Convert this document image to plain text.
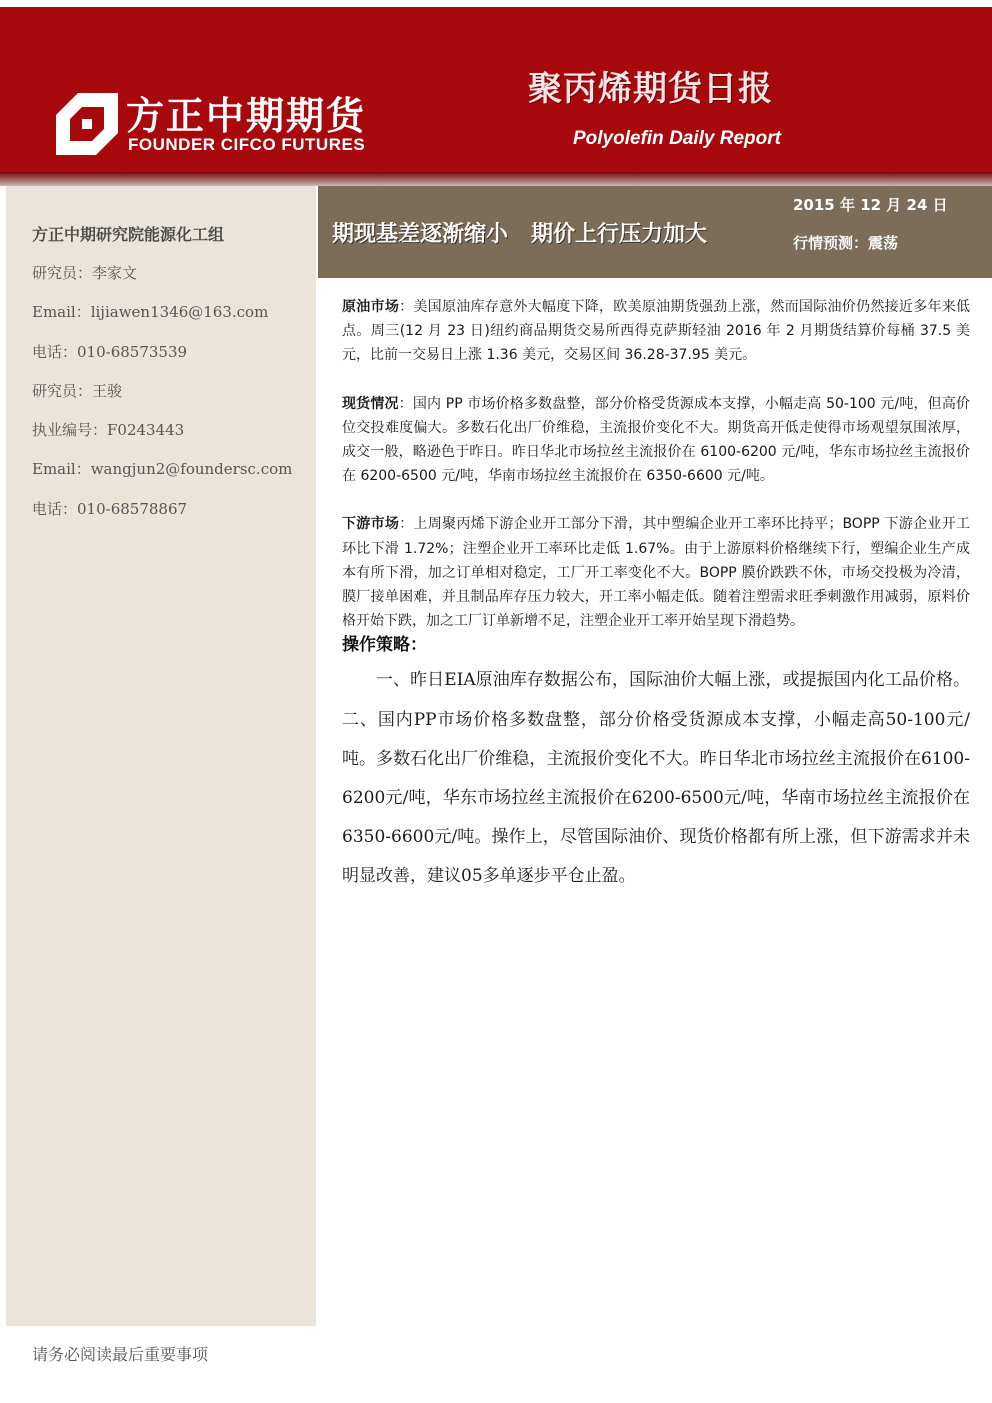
方正中期期货
FOUNDER CIFCO FUTURES
聚丙烯期货日报
Polyolefin Daily Report
方正中期研究院能源化工组
研究员：李家文
Email：lijiawen1346@163.com
电话：010-68573539
研究员：王骏
执业编号：F0243443
Email：wangjun2@foundersc.com
电话：010-68578867
期现基差逐渐缩小   期价上行压力加大
2015 年 12 月 24 日
行情预测：震荡

原油市场：美国原油库存意外大幅度下降，欧美原油期货强劲上涨，然而国际油价仍然接近多年来低点。周三(12 月 23 日)纽约商品期货交易所西得克萨斯轻油 2016 年 2 月期货结算价每桶 37.5 美元，比前一交易日上涨 1.36 美元，交易区间 36.28-37.95 美元。

现货情况：国内 PP 市场价格多数盘整，部分价格受货源成本支撑，小幅走高 50-100 元/吨，但高价位交投难度偏大。多数石化出厂价维稳，主流报价变化不大。期货高开低走使得市场观望氛围浓厚，成交一般，略逊色于昨日。昨日华北市场拉丝主流报价在 6100-6200 元/吨，华东市场拉丝主流报价在 6200-6500 元/吨，华南市场拉丝主流报价在 6350-6600 元/吨。

下游市场：上周聚丙烯下游企业开工部分下滑，其中塑编企业开工率环比持平；BOPP 下游企业开工环比下滑 1.72%；注塑企业开工率环比走低 1.67%。由于上游原料价格继续下行，塑编企业生产成本有所下滑，加之订单相对稳定，工厂开工率变化不大。BOPP 膜价跌跌不休，市场交投极为冷清，膜厂接单困难，并且制品库存压力较大，开工率小幅走低。随着注塑需求旺季刺激作用减弱，原料价格开始下跌，加之工厂订单新增不足，注塑企业开工率开始呈现下滑趋势。

操作策略：

一、昨日EIA原油库存数据公布，国际油价大幅上涨，或提振国内化工品价格。二、国内PP市场价格多数盘整，部分价格受货源成本支撑，小幅走高50-100元/吨。多数石化出厂价维稳，主流报价变化不大。昨日华北市场拉丝主流报价在6100-6200元/吨，华东市场拉丝主流报价在6200-6500元/吨，华南市场拉丝主流报价在6350-6600元/吨。操作上，尽管国际油价、现货价格都有所上涨，但下游需求并未明显改善，建议05多单逐步平仓止盈。

请务必阅读最后重要事项
